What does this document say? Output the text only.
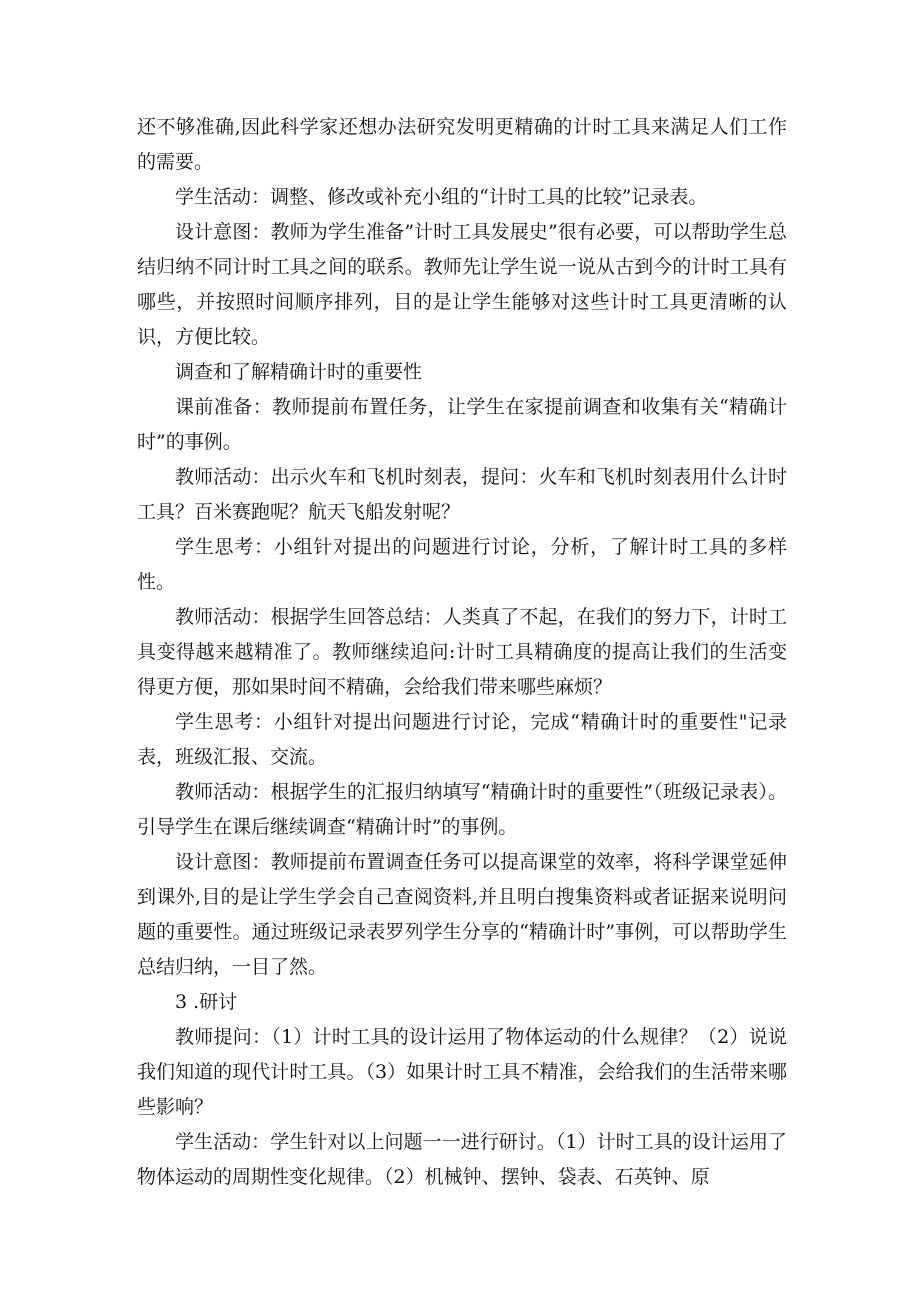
还不够准确,因此科学家还想办法研究发明更精确的计时工具来满足人们工作的需要。

学生活动：调整、修改或补充小组的“计时工具的比较”记录表。

设计意图：教师为学生准备”计时工具发展史”很有必要，可以帮助学生总结归纳不同计时工具之间的联系。教师先让学生说一说从古到今的计时工具有哪些，并按照时间顺序排列，目的是让学生能够对这些计时工具更清晰的认识，方便比较。

调查和了解精确计时的重要性

课前准备：教师提前布置任务，让学生在家提前调查和收集有关“精确计时”的事例。

教师活动：出示火车和飞机时刻表，提问：火车和飞机时刻表用什么计时工具？百米赛跑呢？航天飞船发射呢？

学生思考：小组针对提出的问题进行讨论，分析，了解计时工具的多样性。

教师活动：根据学生回答总结：人类真了不起，在我们的努力下，计时工具变得越来越精准了。教师继续追问:计时工具精确度的提高让我们的生活变得更方便，那如果时间不精确，会给我们带来哪些麻烦？

学生思考：小组针对提出问题进行讨论，完成“精确计时的重要性"记录表，班级汇报、交流。

教师活动：根据学生的汇报归纳填写“精确计时的重要性”（班级记录表）。引导学生在课后继续调查“精确计时”的事例。

设计意图：教师提前布置调查任务可以提高课堂的效率，将科学课堂延伸到课外,目的是让学生学会自己查阅资料,并且明白搜集资料或者证据来说明问题的重要性。通过班级记录表罗列学生分享的“精确计时”事例，可以帮助学生总结归纳，一目了然。

3 .研讨

教师提问：（1）计时工具的设计运用了物体运动的什么规律？（2）说说我们知道的现代计时工具。（3）如果计时工具不精准，会给我们的生活带来哪些影响？

学生活动：学生针对以上问题一一进行研讨。（1）计时工具的设计运用了物体运动的周期性变化规律。（2）机械钟、摆钟、袋表、石英钟、原
